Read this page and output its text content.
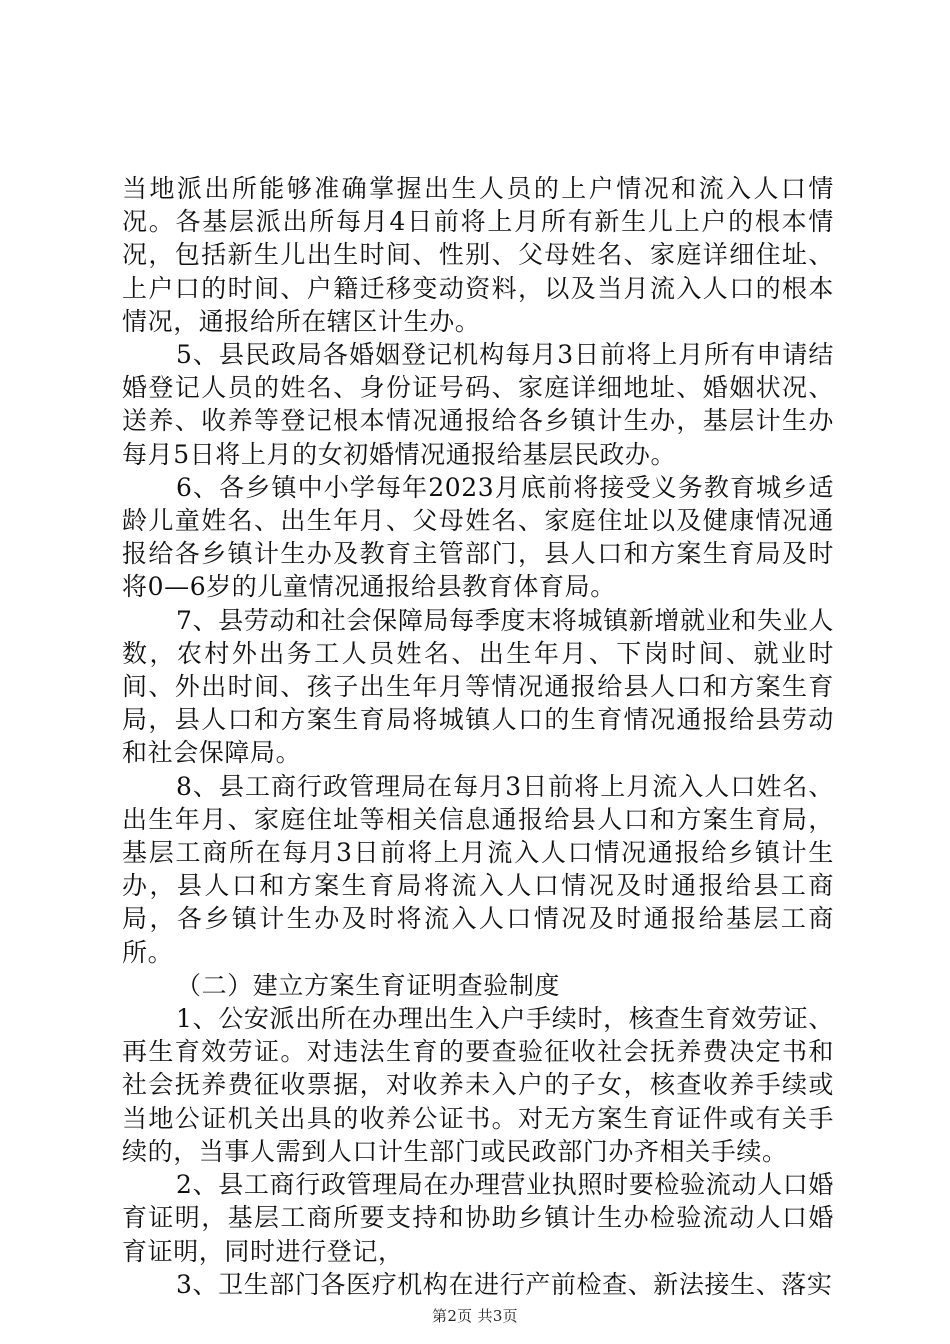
当地派出所能够准确掌握出生人员的上户情况和流入人口情况。各基层派出所每月4日前将上月所有新生儿上户的根本情况，包括新生儿出生时间、性别、父母姓名、家庭详细住址、上户口的时间、户籍迁移变动资料，以及当月流入人口的根本情况，通报给所在辖区计生办。

5、县民政局各婚姻登记机构每月3日前将上月所有申请结婚登记人员的姓名、身份证号码、家庭详细地址、婚姻状况、送养、收养等登记根本情况通报给各乡镇计生办，基层计生办每月5日将上月的女初婚情况通报给基层民政办。

6、各乡镇中小学每年2023月底前将接受义务教育城乡适龄儿童姓名、出生年月、父母姓名、家庭住址以及健康情况通报给各乡镇计生办及教育主管部门，县人口和方案生育局及时将0—6岁的儿童情况通报给县教育体育局。

7、县劳动和社会保障局每季度末将城镇新增就业和失业人数，农村外出务工人员姓名、出生年月、下岗时间、就业时间、外出时间、孩子出生年月等情况通报给县人口和方案生育局，县人口和方案生育局将城镇人口的生育情况通报给县劳动和社会保障局。

8、县工商行政管理局在每月3日前将上月流入人口姓名、出生年月、家庭住址等相关信息通报给县人口和方案生育局，基层工商所在每月3日前将上月流入人口情况通报给乡镇计生办，县人口和方案生育局将流入人口情况及时通报给县工商局，各乡镇计生办及时将流入人口情况及时通报给基层工商所。

（二）建立方案生育证明查验制度

1、公安派出所在办理出生入户手续时，核查生育效劳证、再生育效劳证。对违法生育的要查验征收社会抚养费决定书和社会抚养费征收票据，对收养未入户的子女，核查收养手续或当地公证机关出具的收养公证书。对无方案生育证件或有关手续的，当事人需到人口计生部门或民政部门办齐相关手续。

2、县工商行政管理局在办理营业执照时要检验流动人口婚育证明，基层工商所要支持和协助乡镇计生办检验流动人口婚育证明，同时进行登记，

3、卫生部门各医疗机构在进行产前检查、新法接生、落实

第2页 共3页
